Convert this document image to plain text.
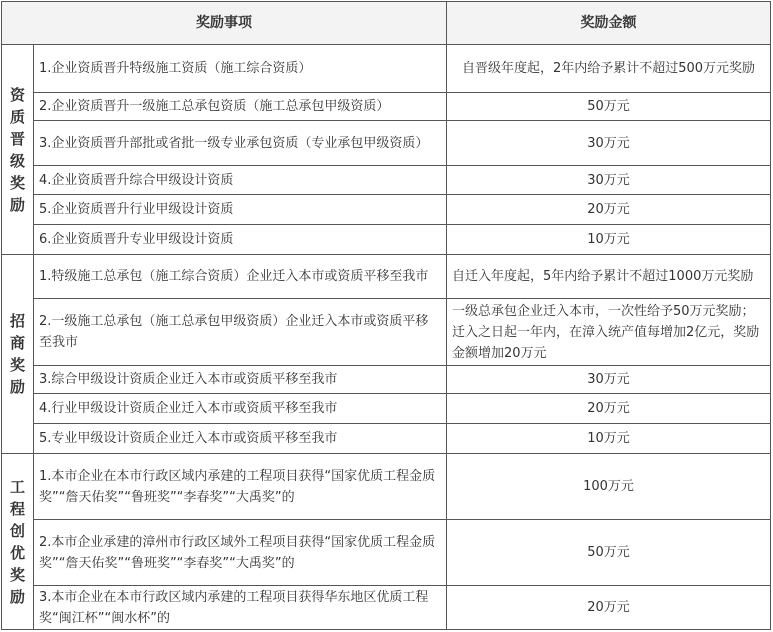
奖励事项		奖励金额

资质晋级奖励	1.企业资质晋升特级施工资质（施工综合资质）	自晋级年度起，2年内给予累计不超过500万元奖励
	2.企业资质晋升一级施工总承包资质（施工总承包甲级资质）	50万元
	3.企业资质晋升部批或省批一级专业承包资质（专业承包甲级资质）	30万元
	4.企业资质晋升综合甲级设计资质	30万元
	5.企业资质晋升行业甲级设计资质	20万元
	6.企业资质晋升专业甲级设计资质	10万元

招商奖励	1.特级施工总承包（施工综合资质）企业迁入本市或资质平移至我市	自迁入年度起，5年内给予累计不超过1000万元奖励
	2.一级施工总承包（施工总承包甲级资质）企业迁入本市或资质平移至我市	一级总承包企业迁入本市，一次性给予50万元奖励；迁入之日起一年内，在漳入统产值每增加2亿元，奖励金额增加20万元
	3.综合甲级设计资质企业迁入本市或资质平移至我市	30万元
	4.行业甲级设计资质企业迁入本市或资质平移至我市	20万元
	5.专业甲级设计资质企业迁入本市或资质平移至我市	10万元

工程创优奖励	1.本市企业在本市行政区域内承建的工程项目获得“国家优质工程金质奖”“詹天佑奖”“鲁班奖”“李春奖”“大禹奖”的	100万元
	2.本市企业承建的漳州市行政区域外工程项目获得“国家优质工程金质奖”“詹天佑奖”“鲁班奖”“李春奖”“大禹奖”的	50万元
	3.本市企业在本市行政区域内承建的工程项目获得华东地区优质工程奖“闽江杯”“闽水杯”的	20万元
